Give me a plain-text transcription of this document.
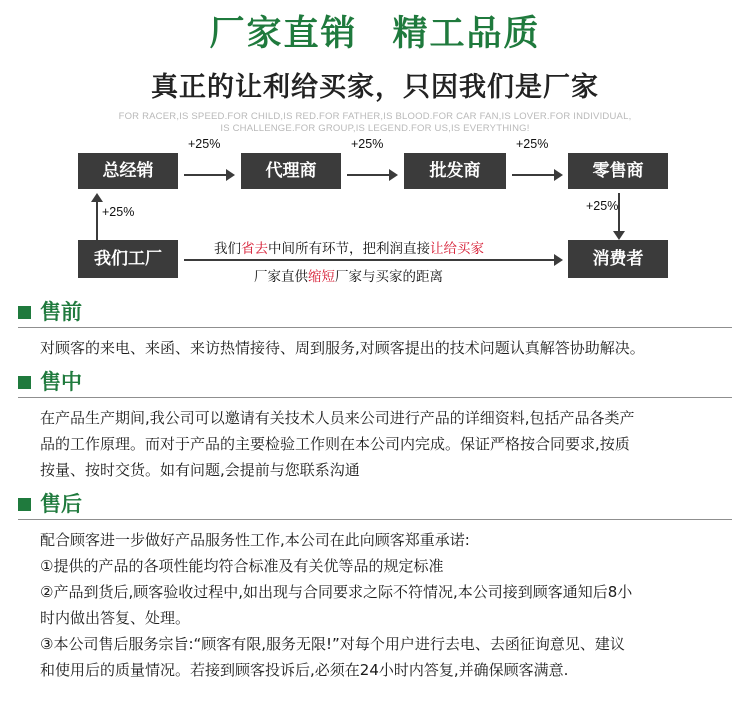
厂家直销 精工品质
真正的让利给买家，只因我们是厂家
FOR RACER,IS SPEED.FOR CHILD,IS RED.FOR FATHER,IS BLOOD.FOR CAR FAN,IS LOVER.FOR INDIVIDUAL,
IS CHALLENGE.FOR GROUP,IS LEGEND.FOR US,IS EVERYTHING!
总经销	代理商	批发商	零售商
+25%	+25%	+25%
+25%	+25%
我们工厂	消费者
我们省去中间所有环节，把利润直接让给买家
厂家直供缩短厂家与买家的距离
售前

对顾客的来电、来函、来访热情接待、周到服务,对顾客提出的技术问题认真解答协助解决。

售中

在产品生产期间,我公司可以邀请有关技术人员来公司进行产品的详细资料,包括产品各类产

品的工作原理。而对于产品的主要检验工作则在本公司内完成。保证严格按合同要求,按质

按量、按时交货。如有问题,会提前与您联系沟通

售后

配合顾客进一步做好产品服务性工作,本公司在此向顾客郑重承诺:

①提供的产品的各项性能均符合标准及有关优等品的规定标准

②产品到货后,顾客验收过程中,如出现与合同要求之际不符情况,本公司接到顾客通知后8小

时内做出答复、处理。

③本公司售后服务宗旨:“顾客有限,服务无限!”对每个用户进行去电、去函征询意见、建议

和使用后的质量情况。若接到顾客投诉后,必须在24小时内答复,并确保顾客满意.
